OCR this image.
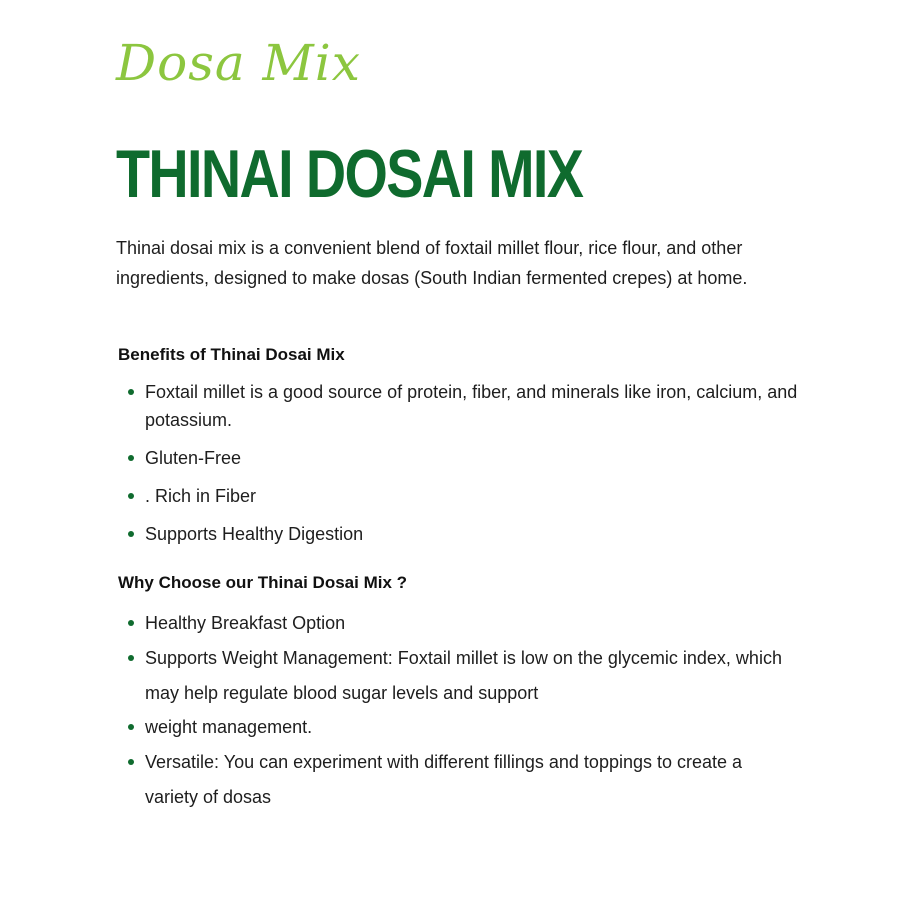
Dosa Mix
THINAI DOSAI MIX

Thinai dosai mix is a convenient blend of foxtail millet flour, rice flour, and other ingredients, designed to make dosas (South Indian fermented crepes) at home.

Benefits of Thinai Dosai Mix
Foxtail millet is a good source of protein, fiber, and minerals like iron, calcium, and potassium.
Gluten-Free
. Rich in Fiber
Supports Healthy Digestion
Why Choose our Thinai Dosai Mix ?
Healthy Breakfast Option
Supports Weight Management: Foxtail millet is low on the glycemic index, which may help regulate blood sugar levels and support
weight management.
Versatile: You can experiment with different fillings and toppings to create a variety of dosas
